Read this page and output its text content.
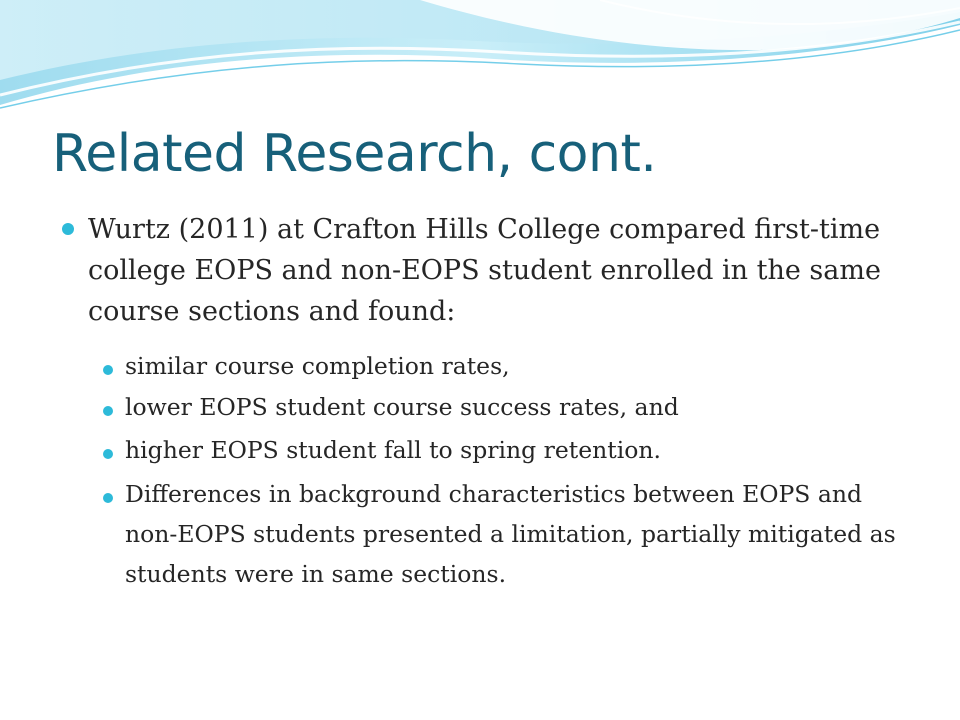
Related Research, cont.
Wurtz (2011) at Crafton Hills College compared first-time college EOPS and non-EOPS student enrolled in the same course sections and found:
similar course completion rates,
lower EOPS student course success rates, and
higher EOPS student fall to spring retention.
Differences in background characteristics between EOPS and non-EOPS students presented a limitation, partially mitigated as students were in same sections.
